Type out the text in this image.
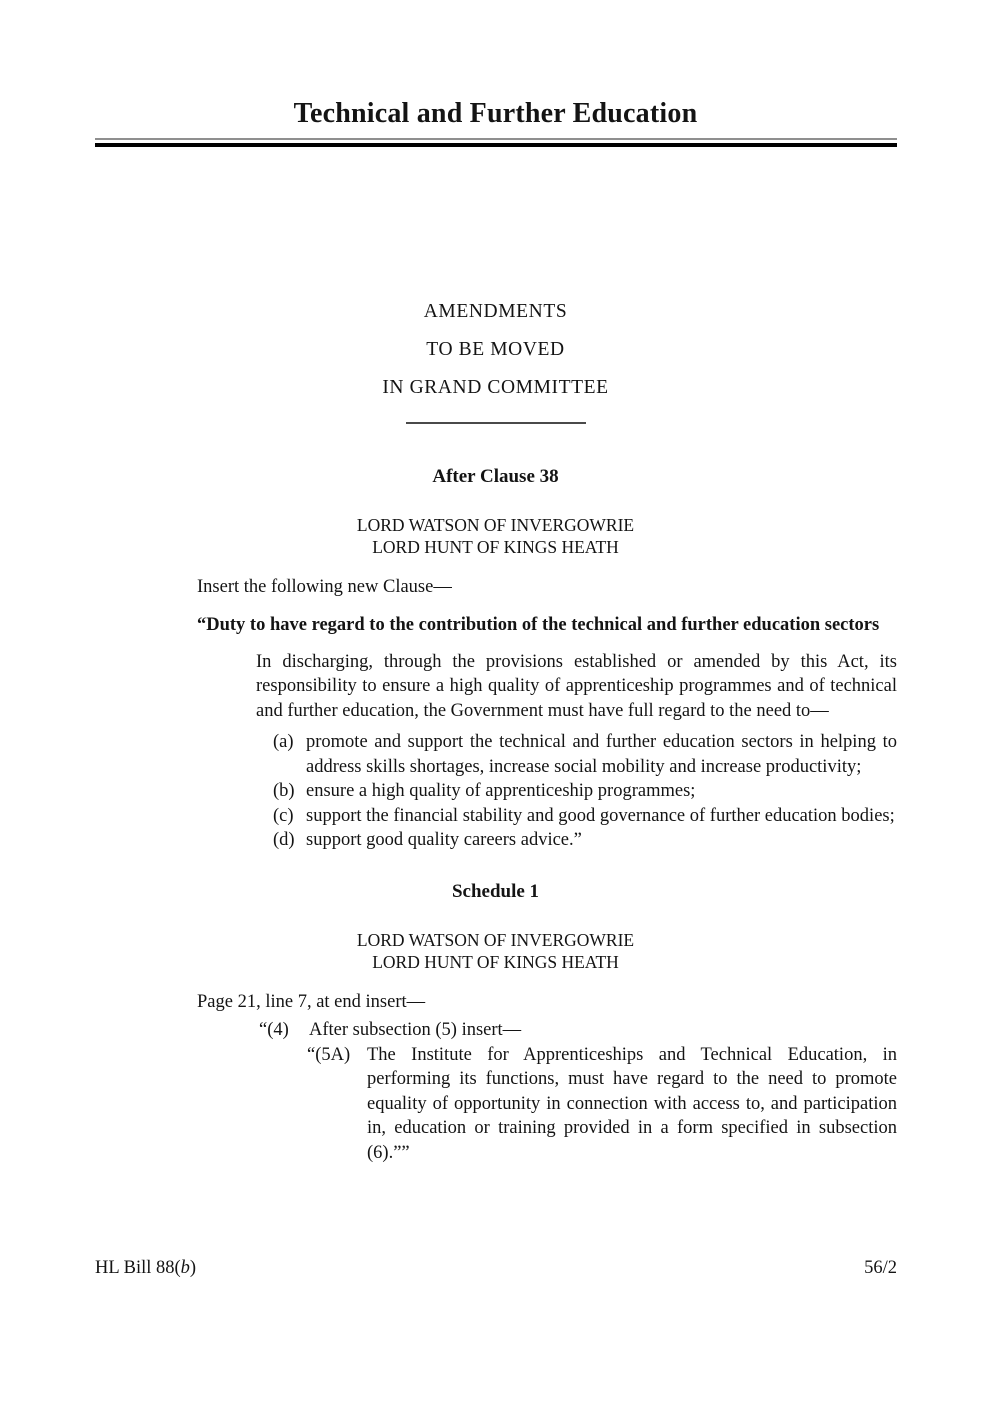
Technical and Further Education
AMENDMENTS
TO BE MOVED
IN GRAND COMMITTEE
After Clause 38
LORD WATSON OF INVERGOWRIE
LORD HUNT OF KINGS HEATH
Insert the following new Clause—
“Duty to have regard to the contribution of the technical and further education sectors
In discharging, through the provisions established or amended by this Act, its responsibility to ensure a high quality of apprenticeship programmes and of technical and further education, the Government must have full regard to the need to—
(a) promote and support the technical and further education sectors in helping to address skills shortages, increase social mobility and increase productivity;
(b) ensure a high quality of apprenticeship programmes;
(c) support the financial stability and good governance of further education bodies;
(d) support good quality careers advice.”
Schedule 1
LORD WATSON OF INVERGOWRIE
LORD HUNT OF KINGS HEATH
Page 21, line 7, at end insert—
“(4) After subsection (5) insert—
“(5A) The Institute for Apprenticeships and Technical Education, in performing its functions, must have regard to the need to promote equality of opportunity in connection with access to, and participation in, education or training provided in a form specified in subsection (6).””
HL Bill 88(b)	56/2
